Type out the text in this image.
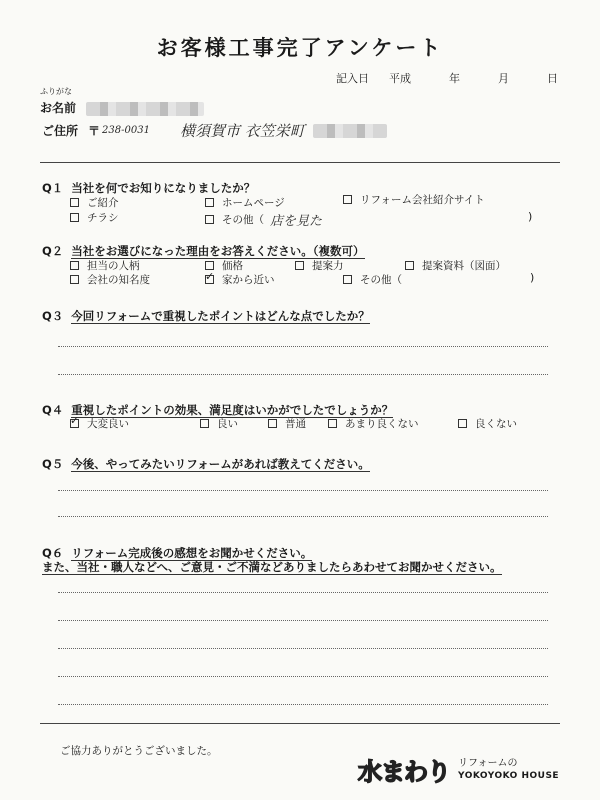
お客様工事完了アンケート
記入日 平成	年	月	日
ふりがな
お名前
ご住所 〒 238-0031 横須賀市 衣笠栄町
Q１ 当社を何でお知りになりましたか？
ご紹介	ホームページ	リフォーム会社紹介サイト
チラシ	その他（ 店を見た	)
Q２ 当社をお選びになった理由をお答えください。（複数可）
担当の人柄	価格	提案力	提案資料（図面）
会社の知名度
✓	家から近い	その他（	)
Q３ 今回リフォームで重視したポイントはどんな点でしたか？
Q４ 重視したポイントの効果、満足度はいかがでしたでしょうか？
✓
大変良い	良い	普通	あまり良くない	良くない
Q５ 今後、やってみたいリフォームがあれば教えてください。
Q６ リフォーム完成後の感想をお聞かせください。
また、当社・職人などへ、ご意見・ご不満などありましたらあわせてお聞かせください。
ご協力ありがとうございました。
水まわり リフォームの
YOKOYOKO HOUSE
